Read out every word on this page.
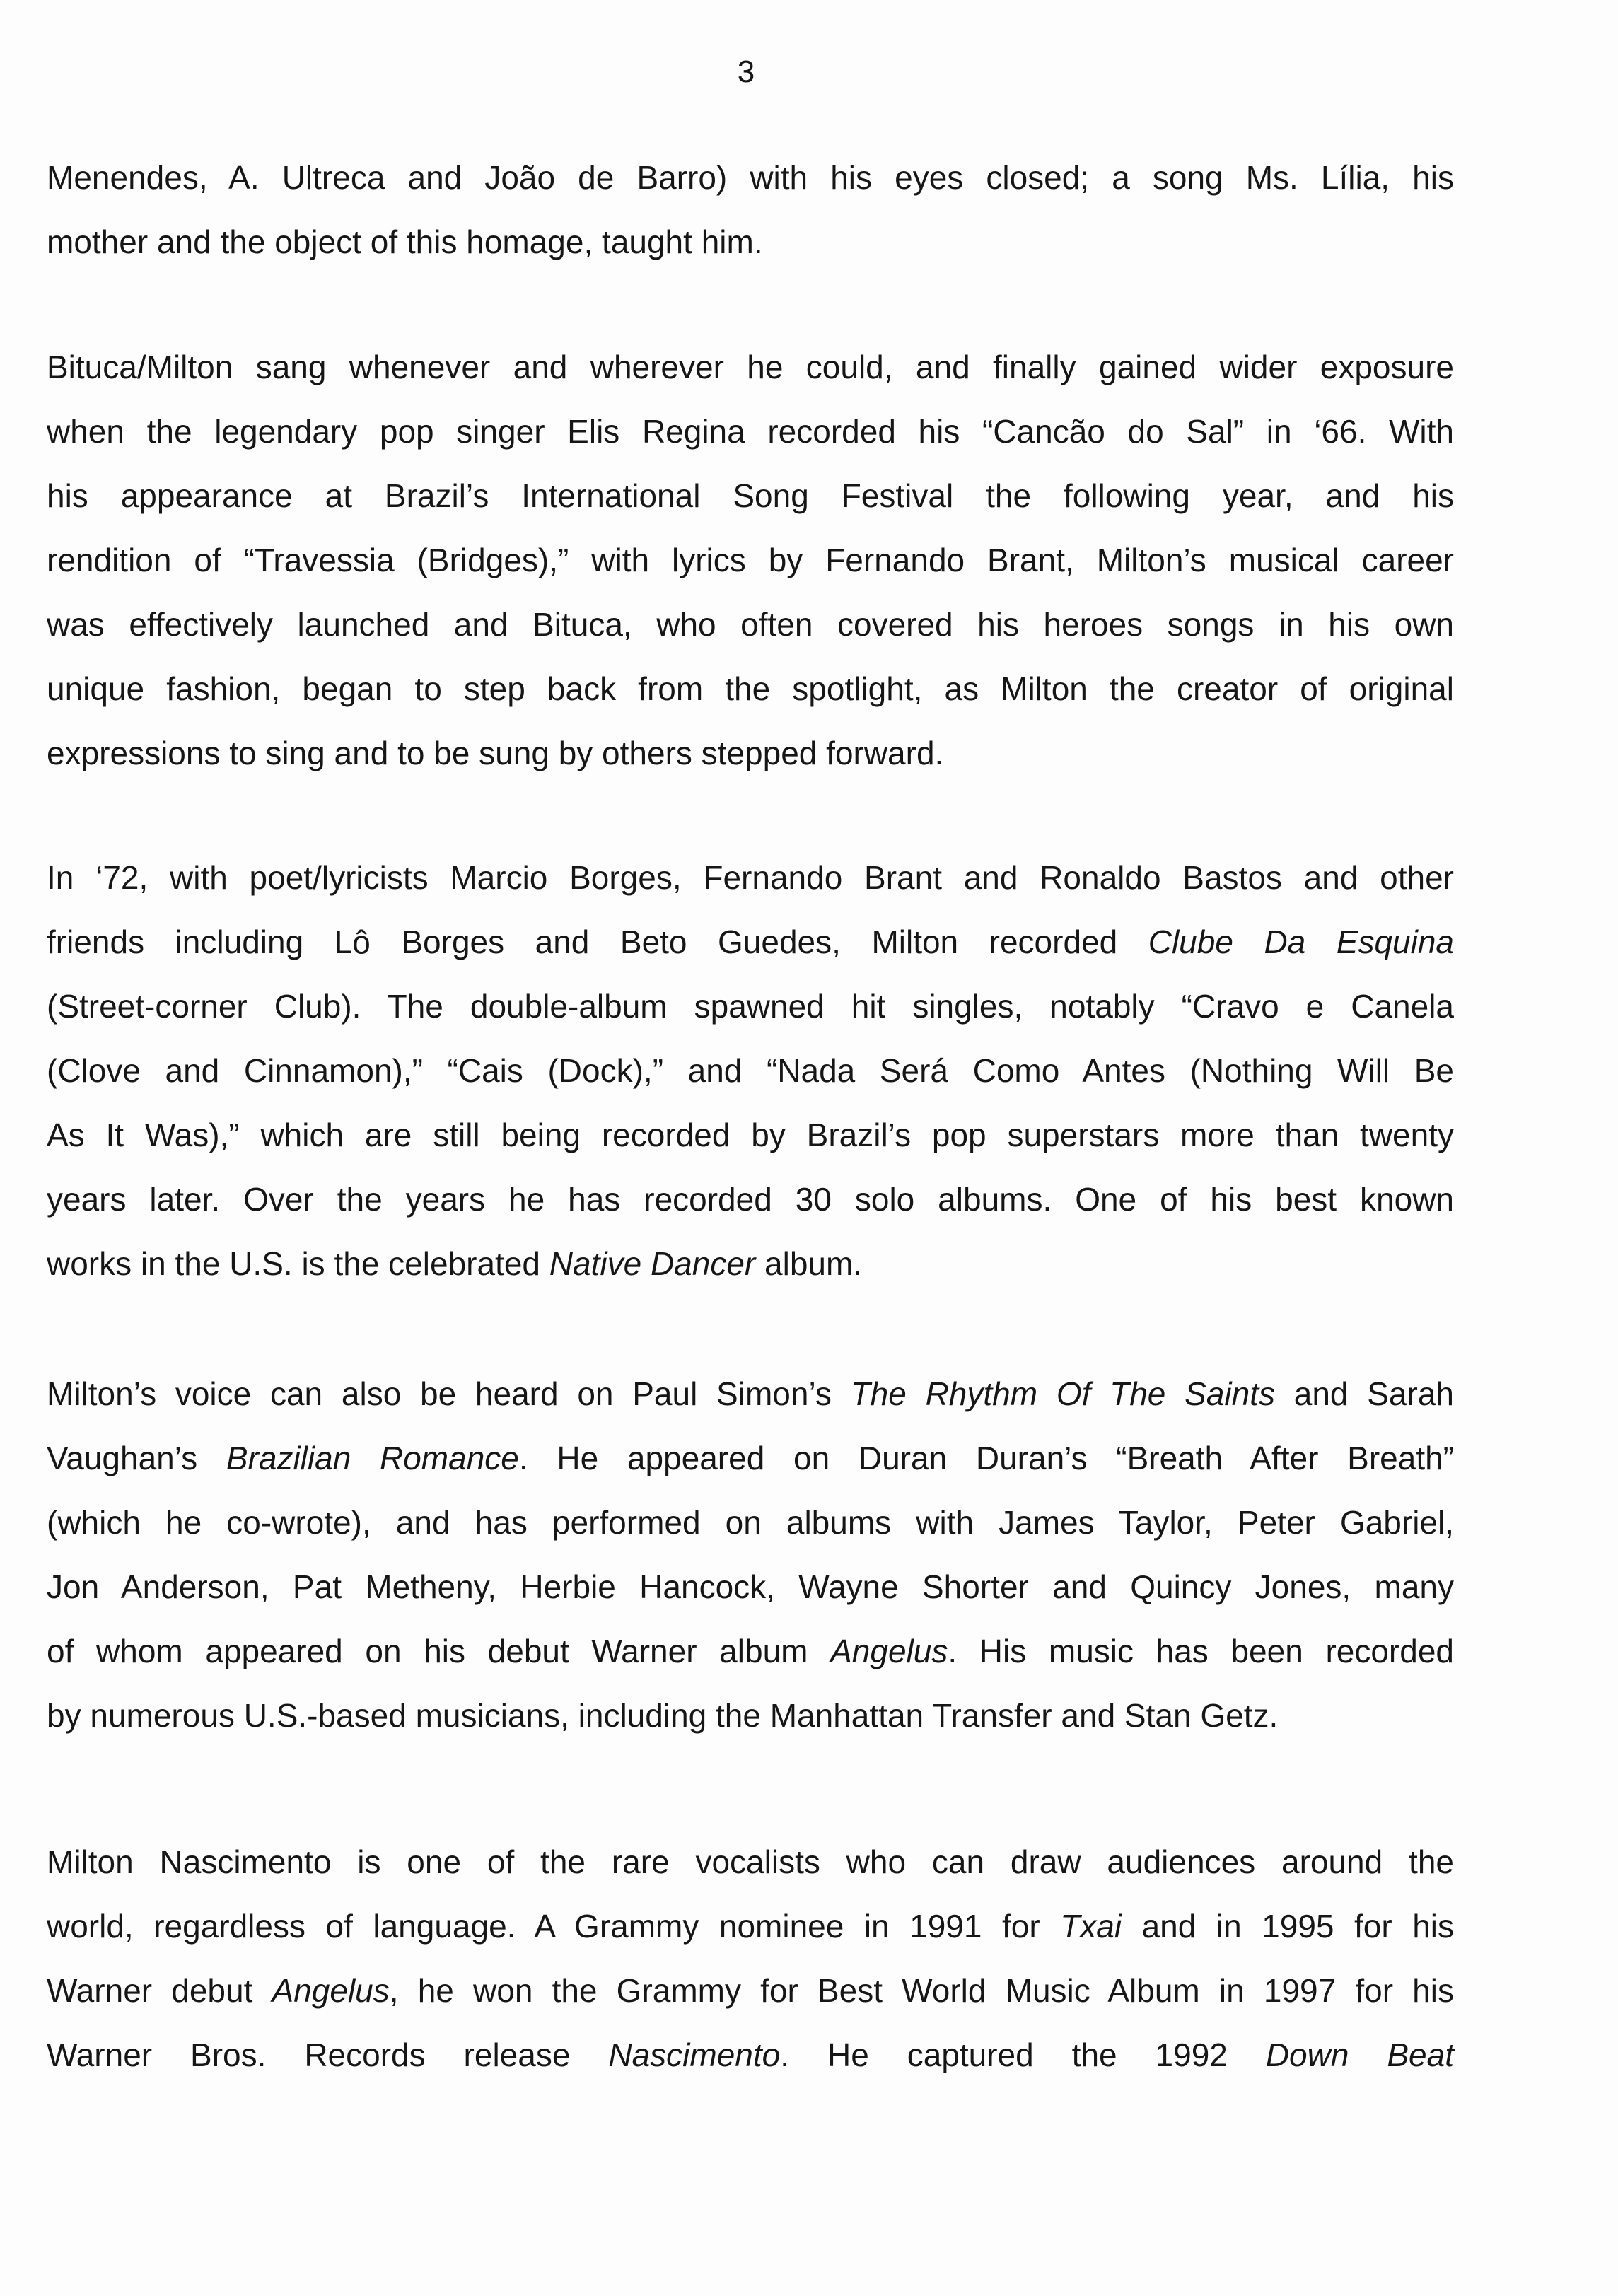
3
Menendes, A. Ultreca and João de Barro) with his eyes closed; a song Ms. Lília, his
mother and the object of this homage, taught him.
Bituca/Milton sang whenever and wherever he could, and finally gained wider exposure
when the legendary pop singer Elis Regina recorded his “Cancão do Sal” in ‘66. With
his appearance at Brazil’s International Song Festival the following year, and his
rendition of “Travessia (Bridges),” with lyrics by Fernando Brant, Milton’s musical career
was effectively launched and Bituca, who often covered his heroes songs in his own
unique fashion, began to step back from the spotlight, as Milton the creator of original
expressions to sing and to be sung by others stepped forward.
In ‘72, with poet/lyricists Marcio Borges, Fernando Brant and Ronaldo Bastos and other
friends including Lô Borges and Beto Guedes, Milton recorded Clube Da Esquina
(Street-corner Club). The double-album spawned hit singles, notably “Cravo e Canela
(Clove and Cinnamon),” “Cais (Dock),” and “Nada Será Como Antes (Nothing Will Be
As It Was),” which are still being recorded by Brazil’s pop superstars more than twenty
years later. Over the years he has recorded 30 solo albums. One of his best known
works in the U.S. is the celebrated Native Dancer album.
Milton’s voice can also be heard on Paul Simon’s The Rhythm Of The Saints and Sarah
Vaughan’s Brazilian Romance. He appeared on Duran Duran’s “Breath After Breath”
(which he co-wrote), and has performed on albums with James Taylor, Peter Gabriel,
Jon Anderson, Pat Metheny, Herbie Hancock, Wayne Shorter and Quincy Jones, many
of whom appeared on his debut Warner album Angelus. His music has been recorded
by numerous U.S.-based musicians, including the Manhattan Transfer and Stan Getz.
Milton Nascimento is one of the rare vocalists who can draw audiences around the
world, regardless of language. A Grammy nominee in 1991 for Txai and in 1995 for his
Warner debut Angelus, he won the Grammy for Best World Music Album in 1997 for his
Warner Bros. Records release Nascimento. He captured the 1992 Down Beat
